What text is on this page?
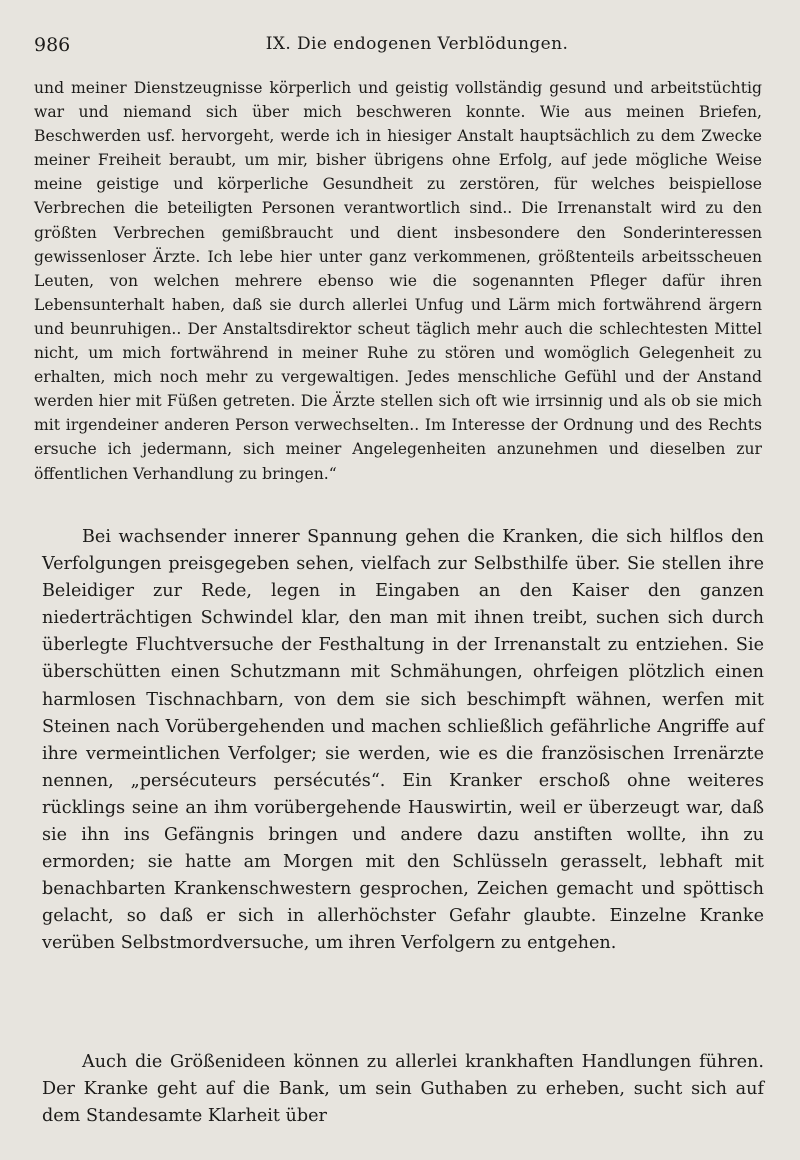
986	IX. Die endogenen Verblödungen.
und meiner Dienstzeugnisse körperlich und geistig vollständig gesund und arbeitstüchtig war und niemand sich über mich beschweren konnte. Wie aus meinen Briefen, Beschwerden usf. hervorgeht, werde ich in hiesiger Anstalt hauptsächlich zu dem Zwecke meiner Freiheit beraubt, um mir, bisher übrigens ohne Erfolg, auf jede mögliche Weise meine geistige und körperliche Gesundheit zu zerstören, für welches beispiellose Verbrechen die beteiligten Personen verantwortlich sind.. Die Irrenanstalt wird zu den größten Verbrechen gemißbraucht und dient insbesondere den Sonderinteressen gewissenloser Ärzte. Ich lebe hier unter ganz verkommenen, größtenteils arbeitsscheuen Leuten, von welchen mehrere ebenso wie die sogenannten Pfleger dafür ihren Lebensunterhalt haben, daß sie durch allerlei Unfug und Lärm mich fortwährend ärgern und beunruhigen.. Der Anstaltsdirektor scheut täglich mehr auch die schlechtesten Mittel nicht, um mich fortwährend in meiner Ruhe zu stören und womöglich Gelegenheit zu erhalten, mich noch mehr zu vergewaltigen. Jedes menschliche Gefühl und der Anstand werden hier mit Füßen getreten. Die Ärzte stellen sich oft wie irrsinnig und als ob sie mich mit irgendeiner anderen Person verwechselten.. Im Interesse der Ordnung und des Rechts ersuche ich jedermann, sich meiner Angelegenheiten anzunehmen und dieselben zur öffentlichen Verhandlung zu bringen.“
Bei wachsender innerer Spannung gehen die Kranken, die sich hilflos den Verfolgungen preisgegeben sehen, vielfach zur Selbsthilfe über. Sie stellen ihre Beleidiger zur Rede, legen in Eingaben an den Kaiser den ganzen niederträchtigen Schwindel klar, den man mit ihnen treibt, suchen sich durch überlegte Fluchtversuche der Festhaltung in der Irrenanstalt zu entziehen. Sie überschütten einen Schutzmann mit Schmähungen, ohrfeigen plötzlich einen harmlosen Tischnachbarn, von dem sie sich beschimpft wähnen, werfen mit Steinen nach Vorübergehenden und machen schließlich gefährliche Angriffe auf ihre vermeintlichen Verfolger; sie werden, wie es die französischen Irrenärzte nennen, „persécuteurs persécutés“. Ein Kranker erschoß ohne weiteres rücklings seine an ihm vorübergehende Hauswirtin, weil er überzeugt war, daß sie ihn ins Gefängnis bringen und andere dazu anstiften wollte, ihn zu ermorden; sie hatte am Morgen mit den Schlüsseln gerasselt, lebhaft mit benachbarten Krankenschwestern gesprochen, Zeichen gemacht und spöttisch gelacht, so daß er sich in allerhöchster Gefahr glaubte. Einzelne Kranke verüben Selbstmordversuche, um ihren Verfolgern zu entgehen.
Auch die Größenideen können zu allerlei krankhaften Handlungen führen. Der Kranke geht auf die Bank, um sein Guthaben zu erheben, sucht sich auf dem Standesamte Klarheit über
